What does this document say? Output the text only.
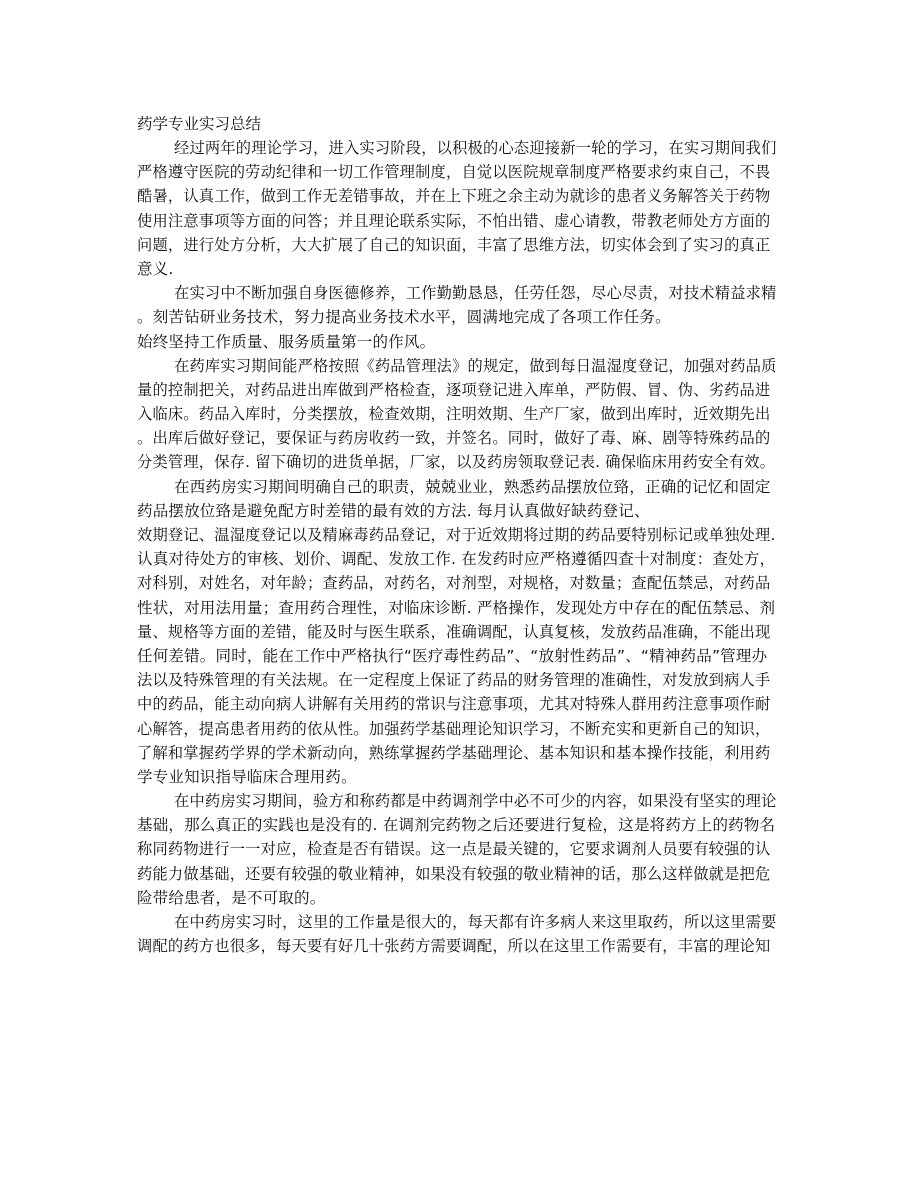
药学专业实习总结
经过两年的理论学习，进入实习阶段，以积极的心态迎接新一轮的学习，在实习期间我们
严格遵守医院的劳动纪律和一切工作管理制度，自觉以医院规章制度严格要求约束自己，不畏
酷暑，认真工作，做到工作无差错事故，并在上下班之余主动为就诊的患者义务解答关于药物
使用注意事项等方面的问答；并且理论联系实际，不怕出错、虚心请教，带教老师处方方面的
问题，进行处方分析，大大扩展了自己的知识面，丰富了思维方法，切实体会到了实习的真正
意义.
在实习中不断加强自身医德修养，工作勤勤恳恳，任劳任怨，尽心尽责，对技术精益求精
。刻苦钻研业务技术，努力提高业务技术水平，圆满地完成了各项工作任务。
始终坚持工作质量、服务质量第一的作风。
在药库实习期间能严格按照《药品管理法》的规定，做到每日温湿度登记，加强对药品质
量的控制把关，对药品进出库做到严格检查，逐项登记进入库单，严防假、冒、伪、劣药品进
入临床。药品入库时，分类摆放，检查效期，注明效期、生产厂家，做到出库时，近效期先出
。出库后做好登记，要保证与药房收药一致，并签名。同时，做好了毒、麻、剧等特殊药品的
分类管理，保存. 留下确切的进货单据，厂家，以及药房领取登记表. 确保临床用药安全有效。
在西药房实习期间明确自己的职责，兢兢业业，熟悉药品摆放位臵，正确的记忆和固定
药品摆放位臵是避免配方时差错的最有效的方法. 每月认真做好缺药登记、
效期登记、温湿度登记以及精麻毒药品登记，对于近效期将过期的药品要特别标记或单独处理.
认真对待处方的审核、划价、调配、发放工作. 在发药时应严格遵循四查十对制度：查处方，
对科别，对姓名，对年龄；查药品，对药名，对剂型，对规格，对数量；查配伍禁忌，对药品
性状，对用法用量；查用药合理性，对临床诊断. 严格操作，发现处方中存在的配伍禁忌、剂
量、规格等方面的差错，能及时与医生联系，准确调配，认真复核，发放药品准确，不能出现
任何差错。同时，能在工作中严格执行“医疗毒性药品”、“放射性药品”、“精神药品”管理办
法以及特殊管理的有关法规。在一定程度上保证了药品的财务管理的准确性，对发放到病人手
中的药品，能主动向病人讲解有关用药的常识与注意事项，尤其对特殊人群用药注意事项作耐
心解答，提高患者用药的依从性。加强药学基础理论知识学习，不断充实和更新自己的知识，
了解和掌握药学界的学术新动向，熟练掌握药学基础理论、基本知识和基本操作技能，利用药
学专业知识指导临床合理用药。
在中药房实习期间，验方和称药都是中药调剂学中必不可少的内容，如果没有坚实的理论
基础，那么真正的实践也是没有的. 在调剂完药物之后还要进行复检，这是将药方上的药物名
称同药物进行一一对应，检查是否有错误。这一点是最关键的，它要求调剂人员要有较强的认
药能力做基础，还要有较强的敬业精神，如果没有较强的敬业精神的话，那么这样做就是把危
险带给患者，是不可取的。
在中药房实习时，这里的工作量是很大的，每天都有许多病人来这里取药，所以这里需要
调配的药方也很多，每天要有好几十张药方需要调配，所以在这里工作需要有，丰富的理论知
